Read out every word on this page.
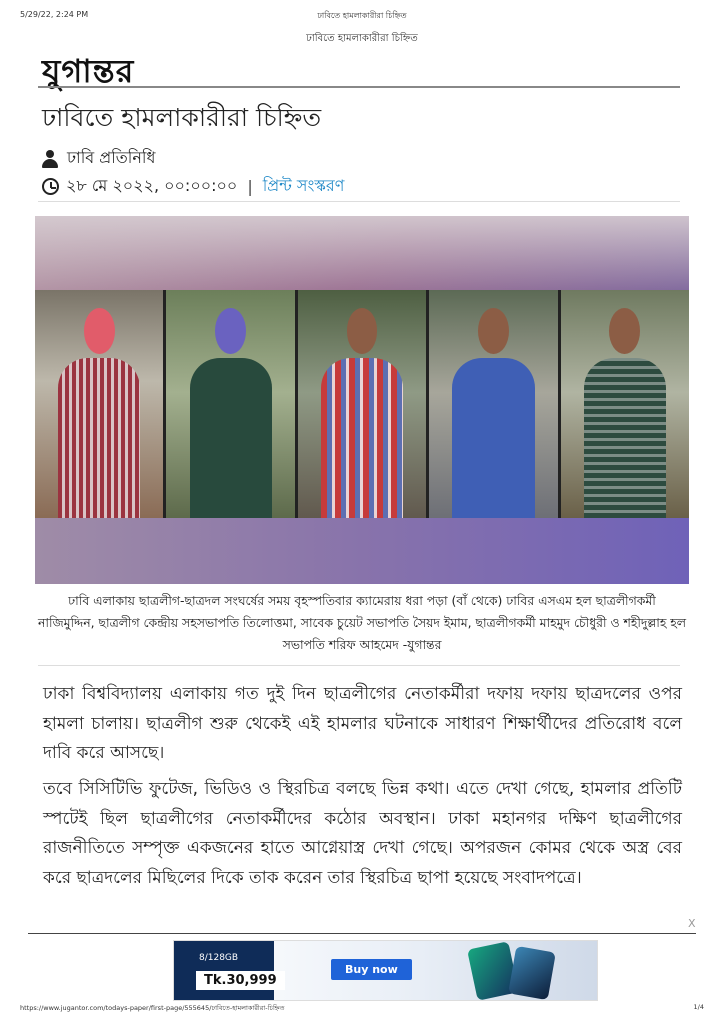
5/29/22, 2:24 PM	ঢাবিতে হামলাকারীরা চিহ্নিত
ঢাবিতে হামলাকারীরা চিহ্নিত
যুগান্তর
ঢাবিতে হামলাকারীরা চিহ্নিত
ঢাবি প্রতিনিধি
২৮ মে ২০২২, ০০:০০:০০ | প্রিন্ট সংস্করণ

ঢাবি এলাকায় ছাত্রলীগ-ছাত্রদল সংঘর্ষের সময় বৃহস্পতিবার ক্যামেরায় ধরা পড়া (বাঁ থেকে) ঢাবির এসএম হল ছাত্রলীগকর্মী নাজিমুদ্দিন, ছাত্রলীগ কেন্দ্রীয় সহসভাপতি তিলোত্তমা, সাবেক চুয়েট সভাপতি সৈয়দ ইমাম, ছাত্রলীগকর্মী মাহমুদ চৌধুরী ও শহীদুল্লাহ হল সভাপতি শরিফ আহমেদ -যুগান্তর

ঢাকা বিশ্ববিদ্যালয় এলাকায় গত দুই দিন ছাত্রলীগের নেতাকর্মীরা দফায় দফায় ছাত্রদলের ওপর হামলা চালায়। ছাত্রলীগ শুরু থেকেই এই হামলার ঘটনাকে সাধারণ শিক্ষার্থীদের প্রতিরোধ বলে দাবি করে আসছে।

তবে সিসিটিভি ফুটেজ, ভিডিও ও স্থিরচিত্র বলছে ভিন্ন কথা। এতে দেখা গেছে, হামলার প্রতিটি স্পটেই ছিল ছাত্রলীগের নেতাকর্মীদের কঠোর অবস্থান। ঢাকা মহানগর দক্ষিণ ছাত্রলীগের রাজনীতিতে সম্পৃক্ত একজনের হাতে আগ্নেয়াস্ত্র দেখা গেছে। অপরজন কোমর থেকে অস্ত্র বের করে ছাত্রদলের মিছিলের দিকে তাক করেন তার স্থিরচিত্র ছাপা হয়েছে সংবাদপত্রে।

X
8/128GB
Tk.30,999
Buy now
https://www.jugantor.com/todays-paper/first-page/555645/ঢাবিতে-হামলাকারীরা-চিহ্নিত	1/4
